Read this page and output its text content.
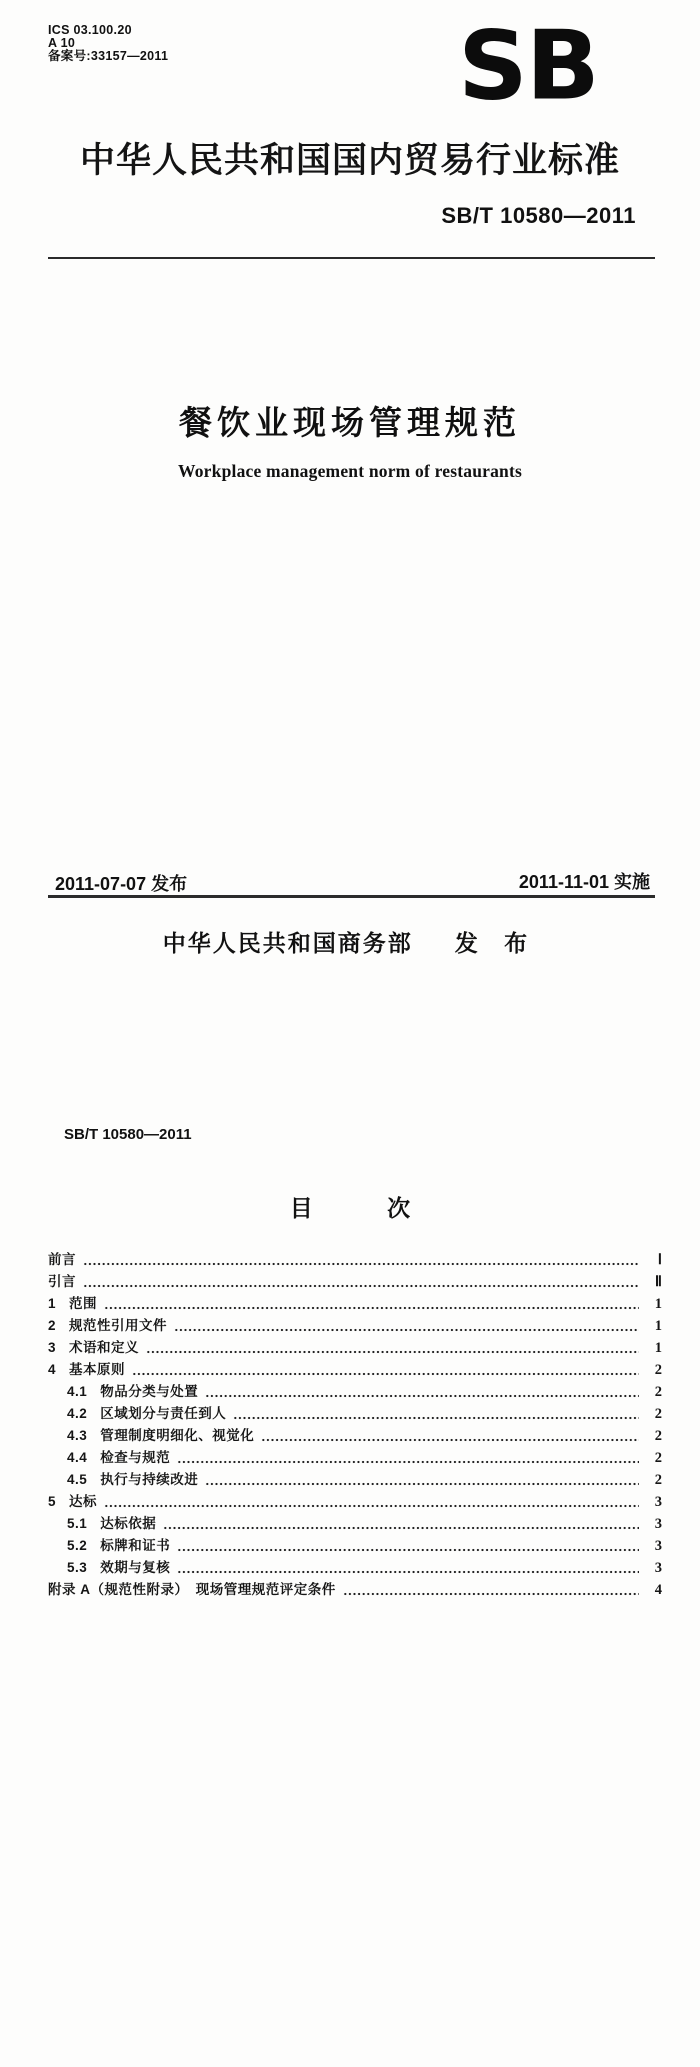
ICS 03.100.20
A 10
备案号:33157—2011	SB
中华人民共和国国内贸易行业标准
SB/T 10580—2011
餐饮业现场管理规范
Workplace management norm of restaurants
2011-07-07 发布	2011-11-01 实施
中华人民共和国商务部 发 布
SB/T 10580—2011
目 次
前言	Ⅰ
引言	Ⅱ
1 范围	1
2 规范性引用文件	1
3 术语和定义	1
4 基本原则	2
4.1 物品分类与处置	2
4.2 区域划分与责任到人	2
4.3 管理制度明细化、视觉化	2
4.4 检查与规范	2
4.5 执行与持续改进	2
5 达标	3
5.1 达标依据	3
5.2 标牌和证书	3
5.3 效期与复核	3
附录 A（规范性附录）　现场管理规范评定条件	4
